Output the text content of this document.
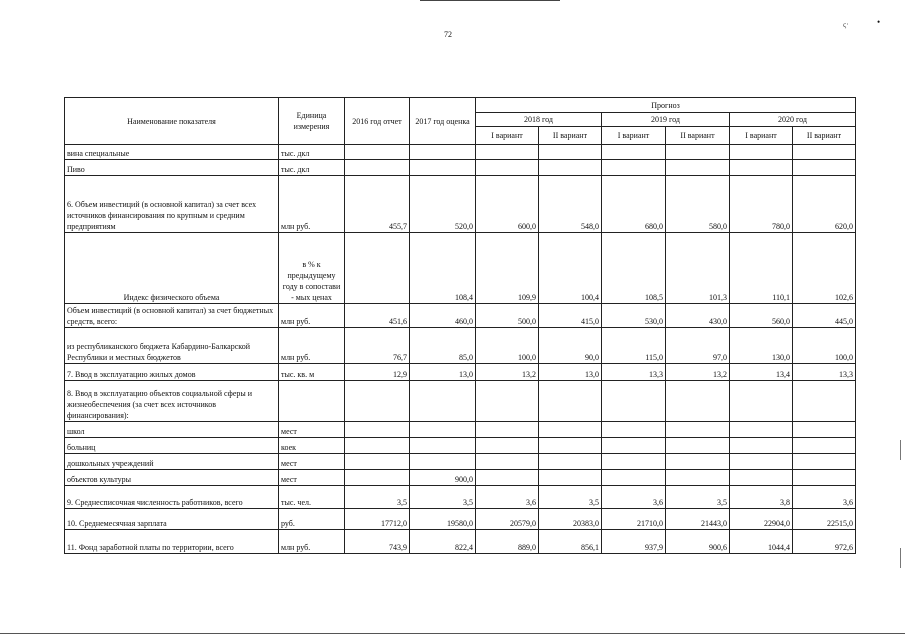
ς·	•
72
Наименование показателя	Единица измерения	2016 год отчет	2017 год оценка	Прогноз					
				2018 год		2019 год		2020 год	
				I вариант	II вариант	I вариант	II вариант	I вариант	II вариант
вина специальные	тыс. дкл								
Пиво	тыс. дкл								
6. Объем инвестиций (в основной капитал) за счет всех источников финансирования по крупным и средним предприятиям	млн руб.	455,7	520,0	600,0	548,0	680,0	580,0	780,0	620,0
Индекс физического объема	в % к предыдущему году в сопостави - мых ценах		108,4	109,9	100,4	108,5	101,3	110,1	102,6
Объем инвестиций (в основной капитал) за счет бюджетных средств, всего:	млн руб.	451,6	460,0	500,0	415,0	530,0	430,0	560,0	445,0
из республиканского бюджета Кабардино-Балкарской Республики и местных бюджетов	млн руб.	76,7	85,0	100,0	90,0	115,0	97,0	130,0	100,0
7. Ввод в эксплуатацию жилых домов	тыс. кв. м	12,9	13,0	13,2	13,0	13,3	13,2	13,4	13,3
8. Ввод в эксплуатацию объектов социальной сферы и жизнеобеспечения (за счет всех источников финансирования):									
школ	мест								
больниц	коек								
дошкольных учреждений	мест								
объектов культуры	мест		900,0						
9. Среднесписочная численность работников, всего	тыс. чел.	3,5	3,5	3,6	3,5	3,6	3,5	3,8	3,6
10. Среднемесячная зарплата	руб.	17712,0	19580,0	20579,0	20383,0	21710,0	21443,0	22904,0	22515,0
11. Фонд заработной платы по территории, всего	млн руб.	743,9	822,4	889,0	856,1	937,9	900,6	1044,4	972,6
